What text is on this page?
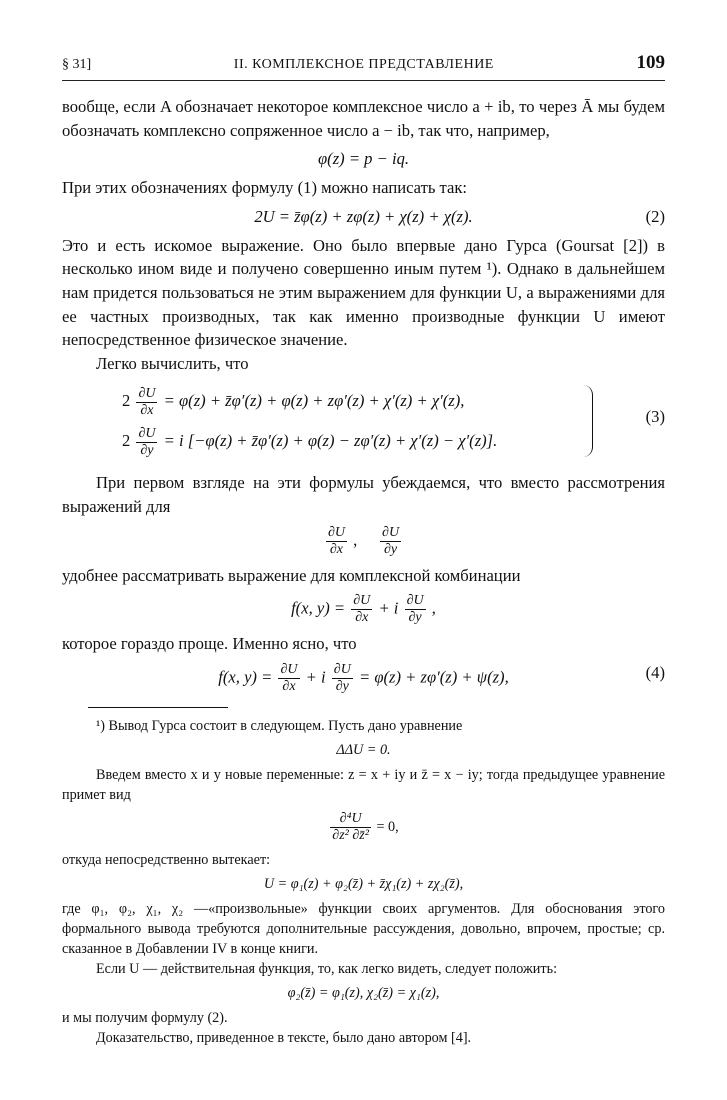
§ 31]	II. КОМПЛЕКСНОЕ ПРЕДСТАВЛЕНИЕ	109

вообще, если A обозначает некоторое комплексное число a + ib, то через Ā мы будем обозначать комплексно сопряженное число a − ib, так что, например,

φ(z) = p − iq.

При этих обозначениях формулу (1) можно написать так:

2U = z̄φ(z) + zφ(z) + χ(z) + χ(z).	(2)

Это и есть искомое выражение. Оно было впервые дано Гурса (Goursat [2]) в несколько ином виде и получено совершенно иным путем ¹). Однако в дальнейшем нам придется пользоваться не этим выражением для функции U, а выражениями для ее частных производных, так как именно производные функции U имеют непосредственное физическое значение.

Легко вычислить, что

$2 \frac{\partial U}{\partial x} = \varphi(z)$ + z̄φ′(z) + φ(z) + zφ′(z) + χ′(z) + χ′(z),
$2 \frac{\partial U}{\partial y} = i$ [−φ(z) + z̄φ′(z) + φ(z) − zφ′(z) + χ′(z) − χ′(z)].
(3)

При первом взгляде на эти формулы убеждаемся, что вместо рассмотрения выражений для

$\frac{\partial U}{\partial x}$ , $\frac{\partial U}{\partial y}$

удобнее рассматривать выражение для комплексной комбинации

f(x, $y) = \frac{\partial U}{\partial x} + i \frac{\partial U}{\partial y}$ ,

которое гораздо проще. Именно ясно, что

f(x, $y) = \frac{\partial U}{\partial x} + i \frac{\partial U}{\partial y} = \varphi(z) + z\varphi'(z) + \psi(z)$,	(4)

¹) Вывод Гурса состоит в следующем. Пусть дано уравнение

ΔΔU = 0.

Введем вместо x и y новые переменные: z = x + iy и z̄ = x − iy; тогда предыдущее уравнение примет вид

$\frac{\text{∂⁴U}}{\text{∂z² ∂z̄²}} = 0$,

откуда непосредственно вытекает:

U = φ₁(z) + φ₂(z̄) + z̄χ₁(z) + zχ₂(z̄),

где φ₁, φ₂, χ₁, χ₂ —«произвольные» функции своих аргументов. Для обоснования этого формального вывода требуются дополнительные рассуждения, довольно, впрочем, простые; ср. сказанное в Добавлении IV в конце книги.

Если U — действительная функция, то, как легко видеть, следует положить:

φ₂(z̄) = φ₁(z), χ₂(z̄) = χ₁(z),

и мы получим формулу (2).

Доказательство, приведенное в тексте, было дано автором [4].
